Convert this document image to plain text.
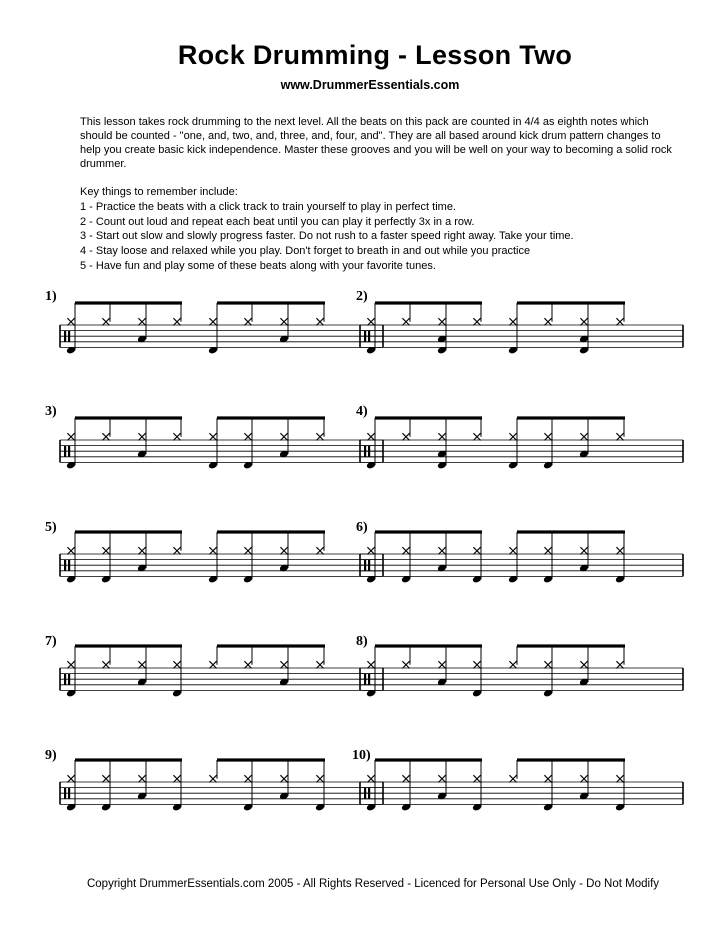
Rock Drumming - Lesson Two
www.DrummerEssentials.com

This lesson takes rock drumming to the next level. All the beats on this pack are counted in 4/4 as eighth notes which should be counted - "one, and, two, and, three, and, four, and". They are all based around kick drum pattern changes to help you create basic kick independence. Master these grooves and you will be well on your way to becoming a solid rock drummer.

Key things to remember include:
1 - Practice the beats with a click track to train yourself to play in perfect time.
2 - Count out loud and repeat each beat until you can play it perfectly 3x in a row.
3 - Start out slow and slowly progress faster. Do not rush to a faster speed right away. Take your time.
4 - Stay loose and relaxed while you play. Don't forget to breath in and out while you practice
5 - Have fun and play some of these beats along with your favorite tunes.
1)	2)
3)	4)
5)	6)
7)	8)
9)	10)
Copyright DrummerEssentials.com 2005 - All Rights Reserved - Licenced for Personal Use Only - Do Not Modify
